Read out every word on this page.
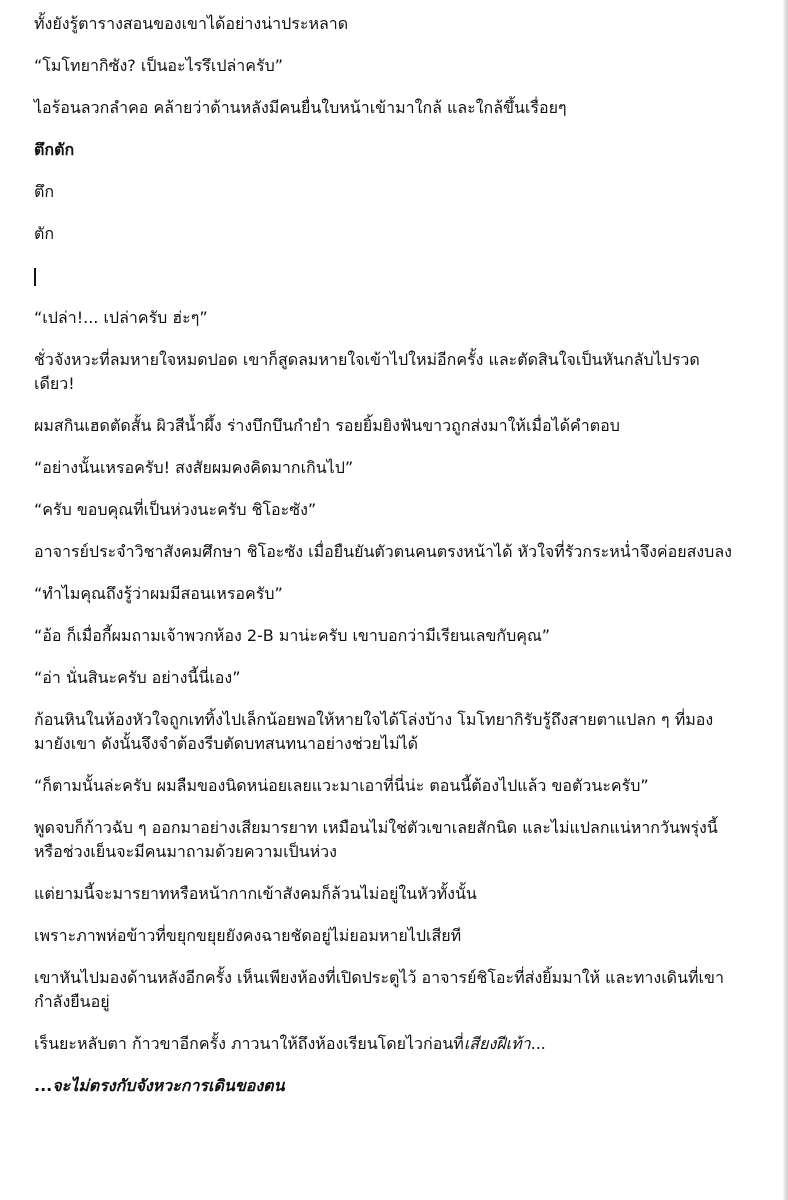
ทั้งยังรู้ตารางสอนของเขาได้อย่างน่าประหลาด

“โมโทยากิซัง? เป็นอะไรรึเปล่าครับ”

ไอร้อนลวกลำคอ คล้ายว่าด้านหลังมีคนยื่นใบหน้าเข้ามาใกล้ และใกล้ขึ้นเรื่อยๆ

ตึกตัก

ตึก

ตัก

“เปล่า!... เปล่าครับ ฮ่ะๆ”

ชั่วจังหวะที่ลมหายใจหมดปอด เขาก็สูดลมหายใจเข้าไปใหม่อีกครั้ง และตัดสินใจเป็นหันกลับไปรวดเดียว!

ผมสกินเฮดตัดสั้น ผิวสีน้ำผึ้ง ร่างบึกบึนกำยำ รอยยิ้มยิงฟันขาวถูกส่งมาให้เมื่อได้คำตอบ

“อย่างนั้นเหรอครับ! สงสัยผมคงคิดมากเกินไป”

“ครับ ขอบคุณที่เป็นห่วงนะครับ ชิโอะซัง”

อาจารย์ประจำวิชาสังคมศึกษา ชิโอะซัง เมื่อยืนยันตัวตนคนตรงหน้าได้ หัวใจที่รัวกระหน่ำจึงค่อยสงบลง

“ทำไมคุณถึงรู้ว่าผมมีสอนเหรอครับ”

“อ้อ ก็เมื่อกี้ผมถามเจ้าพวกห้อง 2-B มาน่ะครับ เขาบอกว่ามีเรียนเลขกับคุณ”

“อ่า นั่นสินะครับ อย่างนี้นี่เอง”

ก้อนหินในห้องหัวใจถูกเททิ้งไปเล็กน้อยพอให้หายใจได้โล่งบ้าง โมโทยากิรับรู้ถึงสายตาแปลก ๆ ที่มองมายังเขา ดังนั้นจึงจำต้องรีบตัดบทสนทนาอย่างช่วยไม่ได้

“ก็ตามนั้นล่ะครับ ผมลืมของนิดหน่อยเลยแวะมาเอาที่นี่น่ะ ตอนนี้ต้องไปแล้ว ขอตัวนะครับ”

พูดจบก็ก้าวฉับ ๆ ออกมาอย่างเสียมารยาท เหมือนไม่ใช่ตัวเขาเลยสักนิด และไม่แปลกแน่หากวันพรุ่งนี้หรือช่วงเย็นจะมีคนมาถามด้วยความเป็นห่วง

แต่ยามนี้จะมารยาทหรือหน้ากากเข้าสังคมก็ล้วนไม่อยู่ในหัวทั้งนั้น

เพราะภาพห่อข้าวที่ขยุกขยุยยังคงฉายชัดอยู่ไม่ยอมหายไปเสียที

เขาหันไปมองด้านหลังอีกครั้ง เห็นเพียงห้องที่เปิดประตูไว้ อาจารย์ชิโอะที่ส่งยิ้มมาให้ และทางเดินที่เขากำลังยืนอยู่

เร็นยะหลับตา ก้าวขาอีกครั้ง ภาวนาให้ถึงห้องเรียนโดยไวก่อนที่เสียงฝีเท้า...

...จะไม่ตรงกับจังหวะการเดินของตน
